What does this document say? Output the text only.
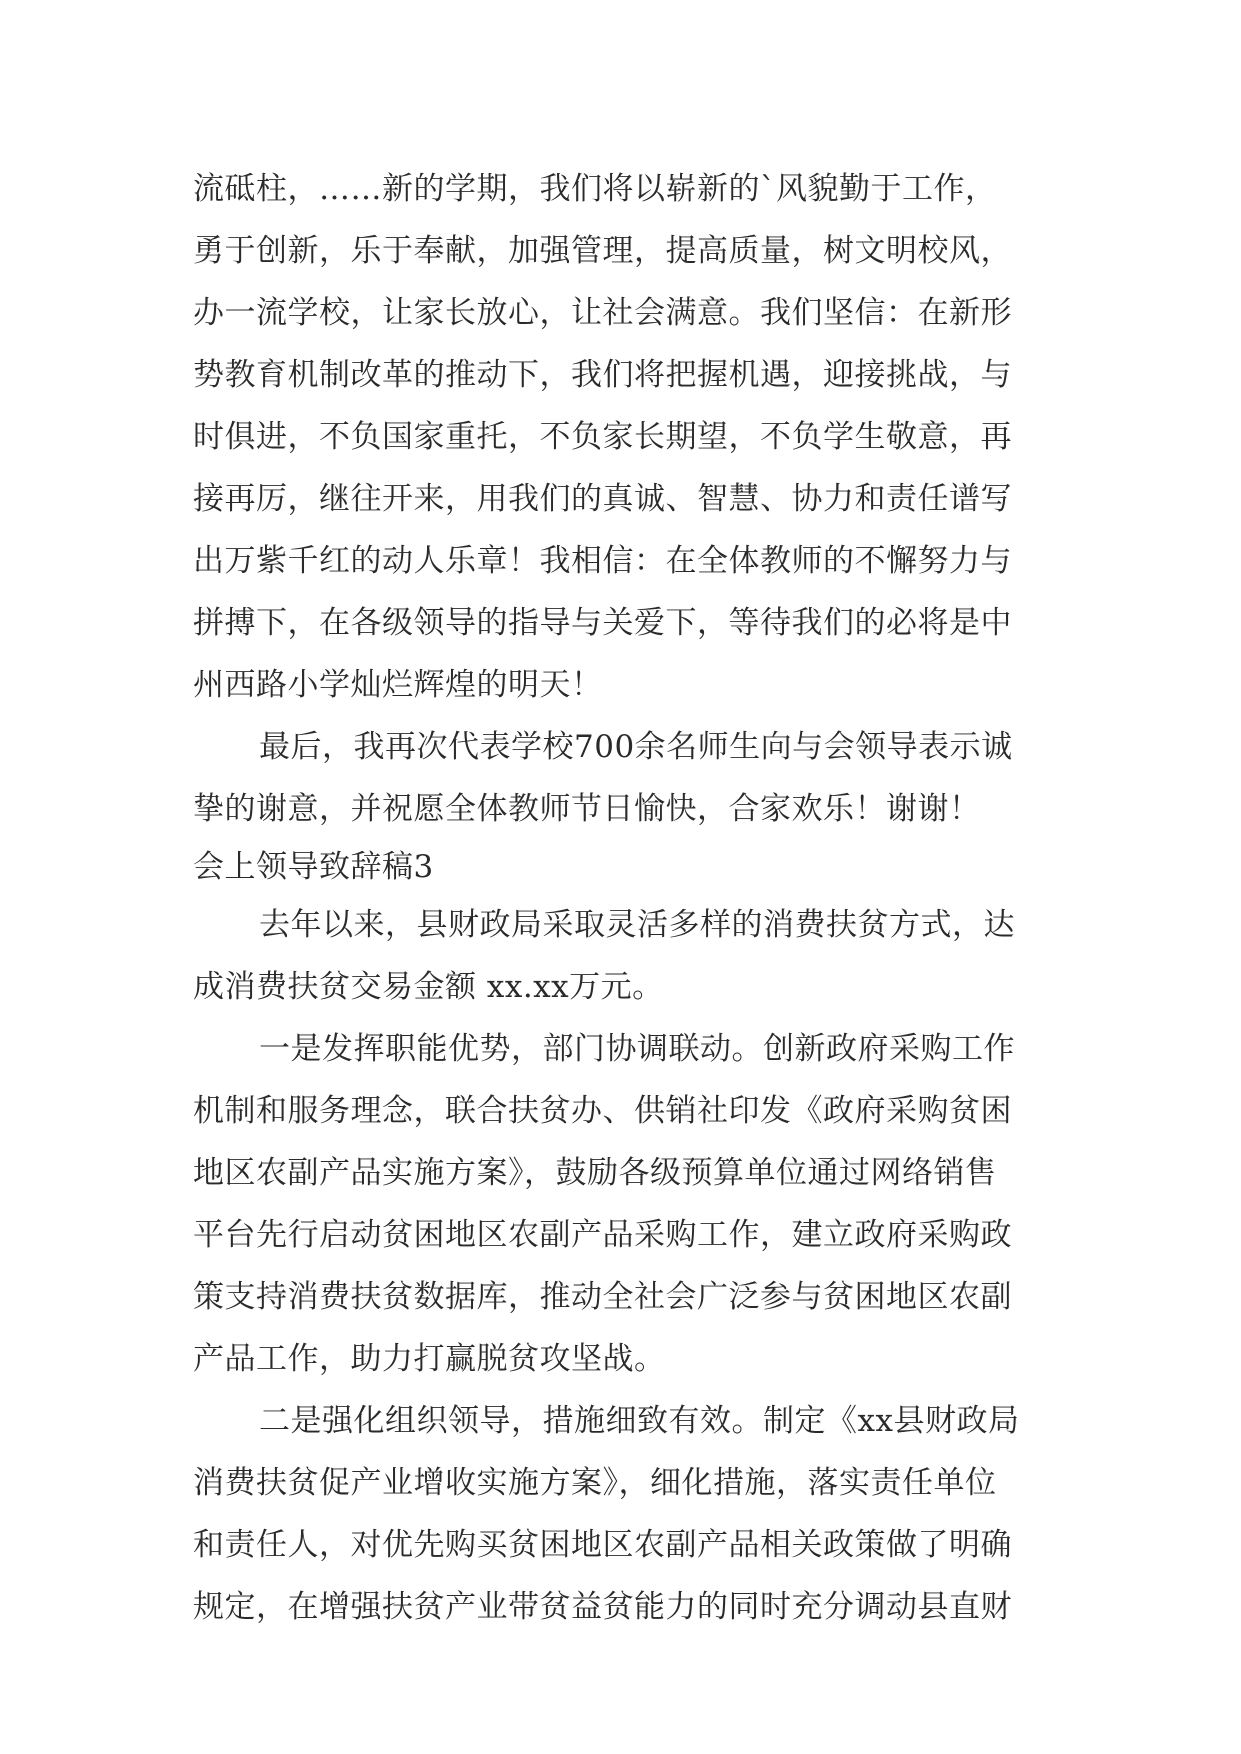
流砥柱，……新的学期，我们将以崭新的`风貌勤于工作，
勇于创新，乐于奉献，加强管理，提高质量，树文明校风，
办一流学校，让家长放心，让社会满意。我们坚信：在新形
势教育机制改革的推动下，我们将把握机遇，迎接挑战，与
时俱进，不负国家重托，不负家长期望，不负学生敬意，再
接再厉，继往开来，用我们的真诚、智慧、协力和责任谱写
出万紫千红的动人乐章！我相信：在全体教师的不懈努力与
拼搏下，在各级领导的指导与关爱下，等待我们的必将是中
州西路小学灿烂辉煌的明天！
最后，我再次代表学校700余名师生向与会领导表示诚
挚的谢意，并祝愿全体教师节日愉快，合家欢乐！谢谢！
会上领导致辞稿3
去年以来，县财政局采取灵活多样的消费扶贫方式，达
成消费扶贫交易金额 xx.xx万元。
一是发挥职能优势，部门协调联动。创新政府采购工作
机制和服务理念，联合扶贫办、供销社印发《政府采购贫困
地区农副产品实施方案》，鼓励各级预算单位通过网络销售
平台先行启动贫困地区农副产品采购工作，建立政府采购政
策支持消费扶贫数据库，推动全社会广泛参与贫困地区农副
产品工作，助力打赢脱贫攻坚战。
二是强化组织领导，措施细致有效。制定《xx县财政局
消费扶贫促产业增收实施方案》，细化措施，落实责任单位
和责任人，对优先购买贫困地区农副产品相关政策做了明确
规定，在增强扶贫产业带贫益贫能力的同时充分调动县直财
